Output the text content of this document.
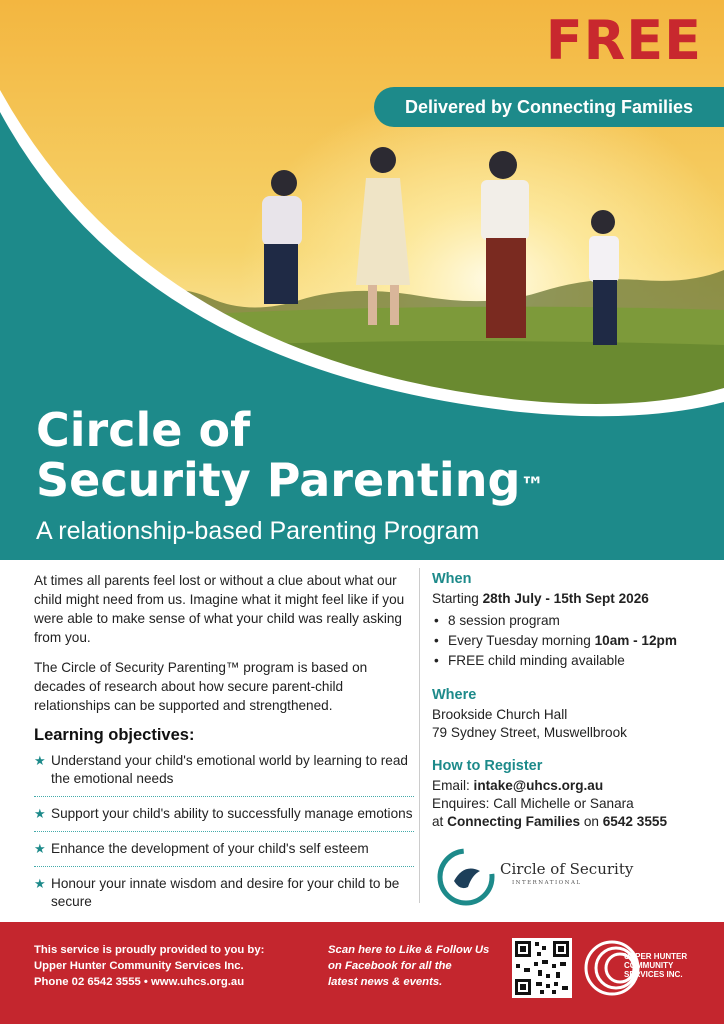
FREE
Delivered by Connecting Families
Circle of
Security Parenting™

A relationship-based Parenting Program

At times all parents feel lost or without a clue about what our child might need from us. Imagine what it might feel like if you were able to make sense of what your child was really asking from you.

The Circle of Security Parenting™ program is based on decades of research about how secure parent-child relationships can be supported and strengthened.

Learning objectives:
★ Understand your child's emotional world by learning to read the emotional needs
★ Support your child's ability to successfully manage emotions
★ Enhance the development of your child's self esteem
★ Honour your innate wisdom and desire for your child to be secure
When

Starting 28th July - 15th Sept 2026

• 8 session program
• Every Tuesday morning 10am - 12pm
• FREE child minding available
Where

Brookside Church Hall

79 Sydney Street, Muswellbrook

How to Register

Email: intake@uhcs.org.au

Enquires: Call Michelle or Sanara

at Connecting Families on 6542 3555

Circle of Security
INTERNATIONAL
This service is proudly provided to you by:
Upper Hunter Community Services Inc.
Phone 02 6542 3555 • www.uhcs.org.au
Scan here to Like & Follow Us
on Facebook for all the
latest news & events.
UPPER HUNTER
COMMUNITY
SERVICES INC.
